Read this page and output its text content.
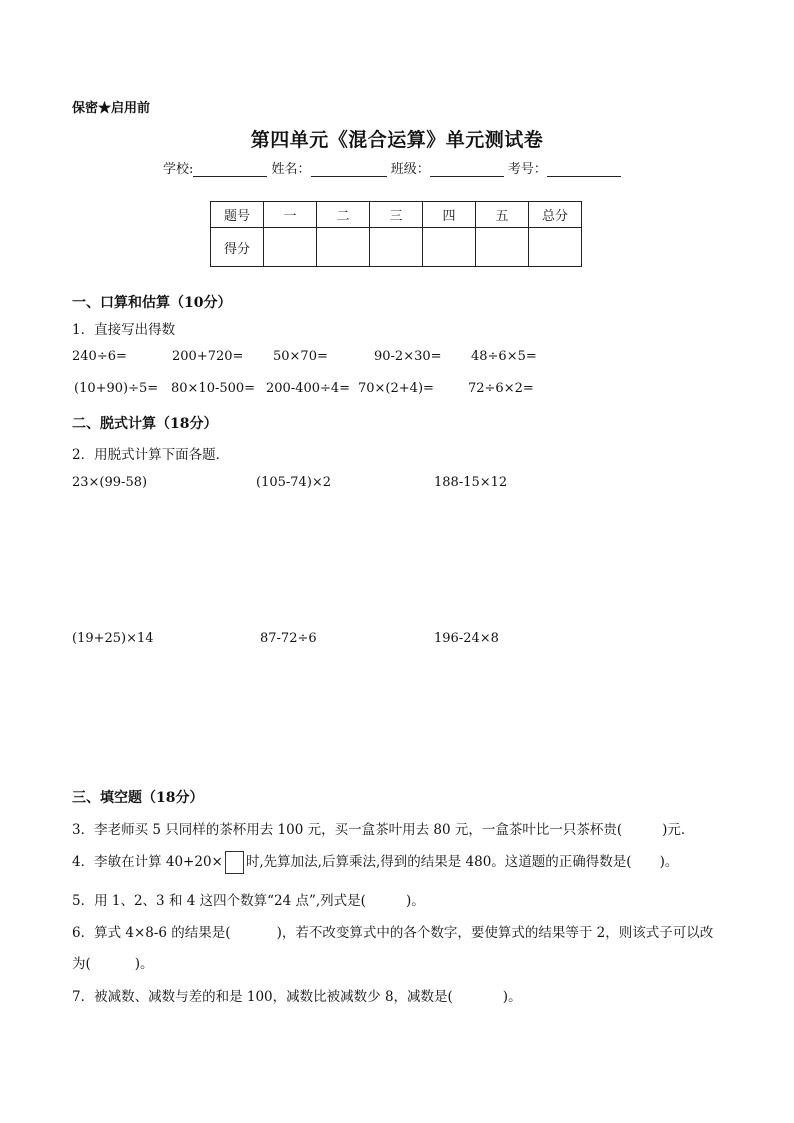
保密★启用前
第四单元《混合运算》单元测试卷
学校:	姓名：	班级：	考号：
题号	一	二	三	四	五	总分
得分						
一、口算和估算（10分）
1．直接写出得数
240÷6=	200+720= 50×70=	90-2×30= 48÷6×5=
(10+90)÷5= 80×10-500= 200-400÷4= 70×(2+4)=	72÷6×2=
二、脱式计算（18分）
2．用脱式计算下面各题．
23×(99-58)	(105-74)×2	188-15×12
(19+25)×14	87-72÷6	196-24×8
三、填空题（18分）
3．李老师买 5 只同样的茶杯用去 100 元，买一盒茶叶用去 80 元，一盒茶叶比一只茶杯贵(	)元．
4．李敏在计算 40+20× 时,先算加法,后算乘法,得到的结果是 480。这道题的正确得数是( )。
5．用 1、2、3 和 4 这四个数算“24 点”,列式是(	)。
6．算式 4×8-6 的结果是(	)，若不改变算式中的各个数字，要使算式的结果等于 2，则该式子可以改
为(	)。
7．被减数、减数与差的和是 100，减数比被减数少 8，减数是(	)。
